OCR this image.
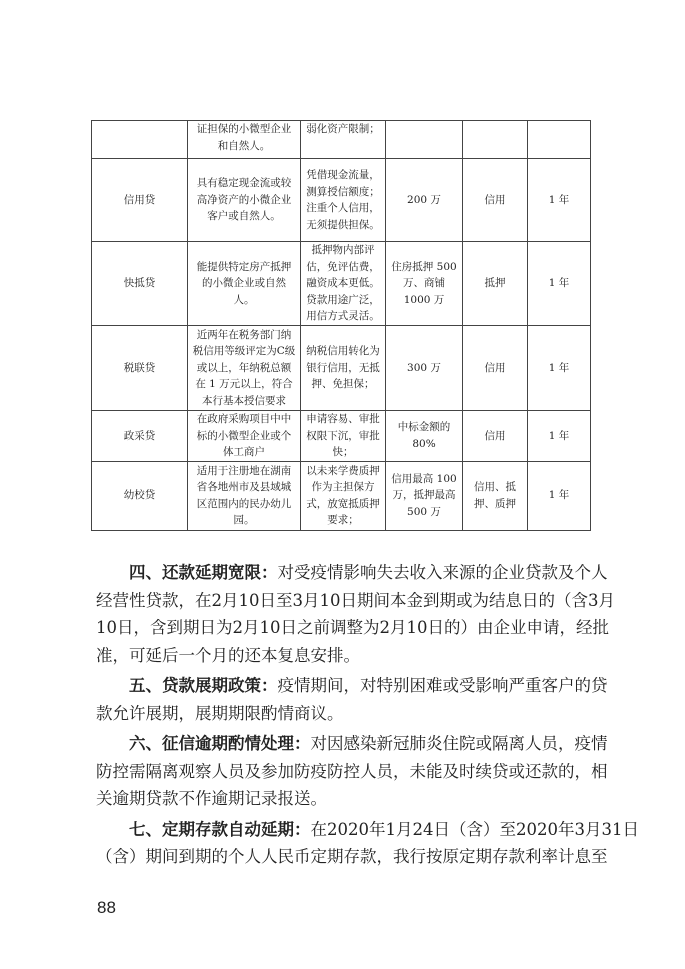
	证担保的小微型企业和自然人。	弱化资产限制；			
信用贷	具有稳定现金流或较高净资产的小微企业客户或自然人。	凭借现金流量，测算授信额度；注重个人信用，无须提供担保。	200 万	信用	1 年
快抵贷	能提供特定房产抵押的小微企业或自然人。	抵押物内部评估，免评估费，融资成本更低。贷款用途广泛，用信方式灵活。	住房抵押 500 万、商铺 1000 万	抵押	1 年
税联贷	近两年在税务部门纳税信用等级评定为C级或以上，年纳税总额在 1 万元以上，符合本行基本授信要求	纳税信用转化为银行信用，无抵押、免担保；	300 万	信用	1 年
政采贷	在政府采购项目中中标的小微型企业或个体工商户	申请容易、审批权限下沉，审批快；	中标金额的 80%	信用	1 年
幼校贷	适用于注册地在湖南省各地州市及县域城区范围内的民办幼儿园。	以未来学费质押作为主担保方式，放宽抵质押要求；	信用最高 100 万，抵押最高 500 万	信用、抵押、质押	1 年
四、还款延期宽限：对受疫情影响失去收入来源的企业贷款及个人
经营性贷款，在2月10日至3月10日期间本金到期或为结息日的（含3月
10日，含到期日为2月10日之前调整为2月10日的）由企业申请，经批
准，可延后一个月的还本复息安排。
五、贷款展期政策：疫情期间，对特别困难或受影响严重客户的贷
款允许展期，展期期限酌情商议。
六、征信逾期酌情处理：对因感染新冠肺炎住院或隔离人员，疫情
防控需隔离观察人员及参加防疫防控人员，未能及时续贷或还款的，相
关逾期贷款不作逾期记录报送。
七、定期存款自动延期：在2020年1月24日（含）至2020年3月31日
（含）期间到期的个人人民币定期存款，我行按原定期存款利率计息至
88
